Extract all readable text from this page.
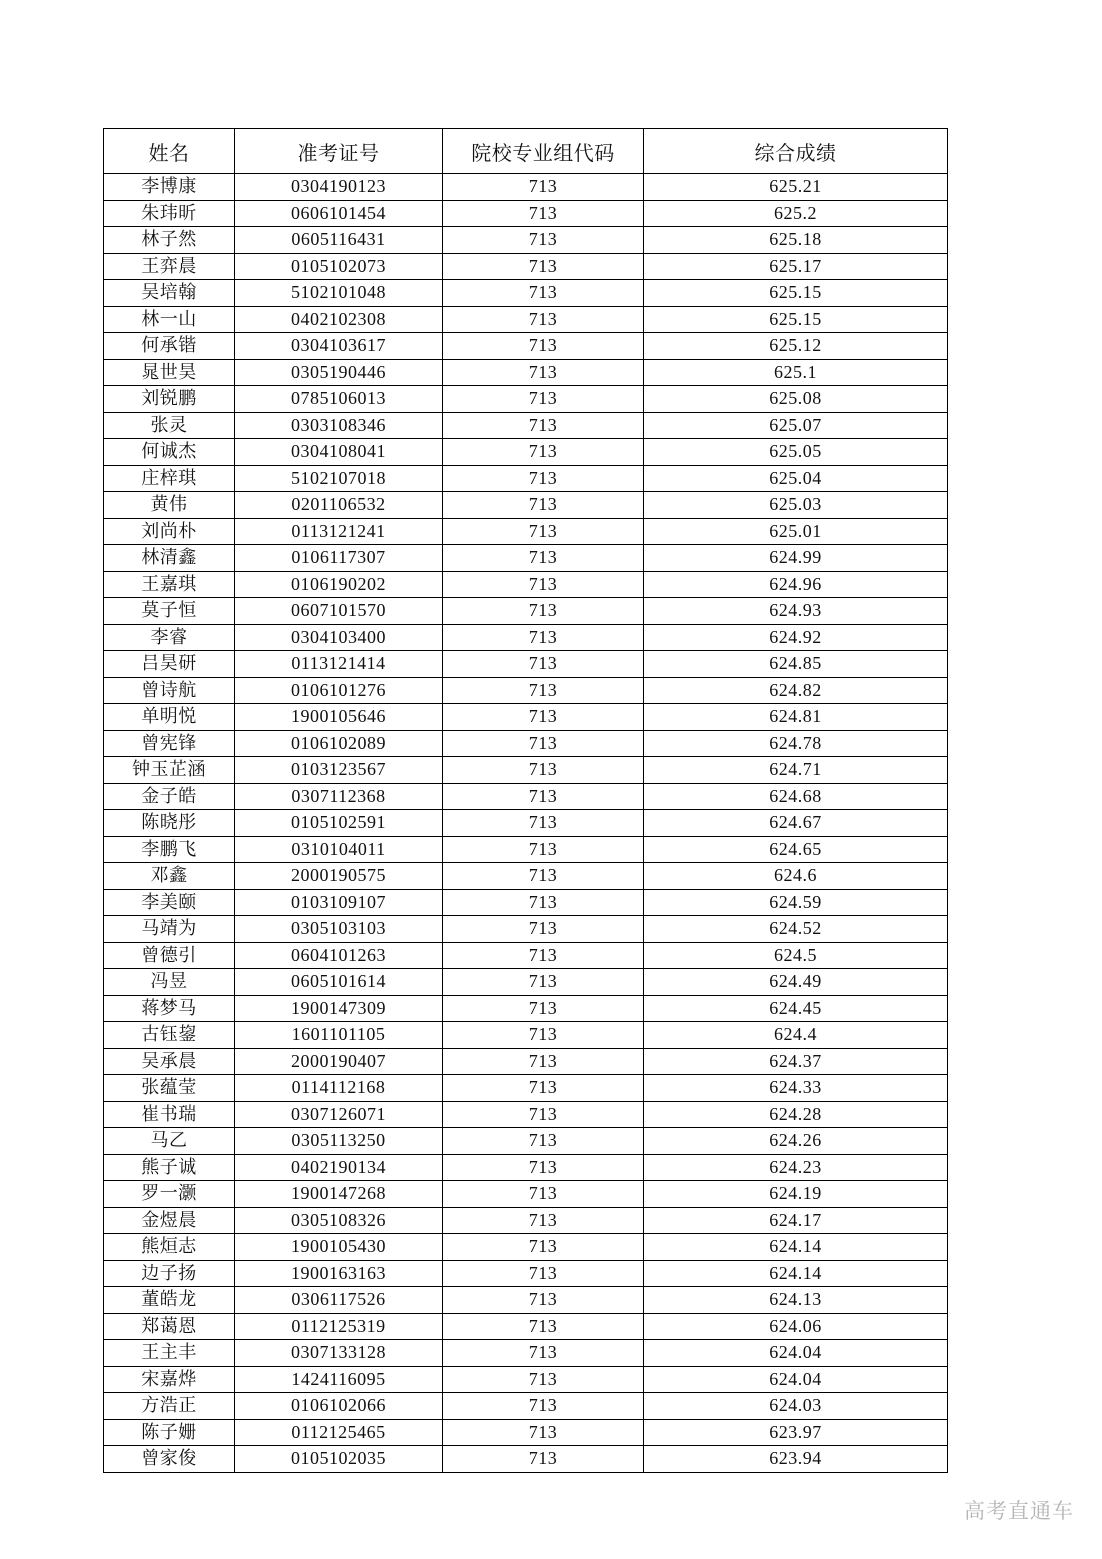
姓名	准考证号	院校专业组代码	综合成绩
李博康	0304190123	713	625.21
朱玮昕	0606101454	713	625.2
林子然	0605116431	713	625.18
王弈晨	0105102073	713	625.17
吴培翰	5102101048	713	625.15
林一山	0402102308	713	625.15
何承锴	0304103617	713	625.12
晁世昊	0305190446	713	625.1
刘锐鹏	0785106013	713	625.08
张灵	0303108346	713	625.07
何诚杰	0304108041	713	625.05
庄梓琪	5102107018	713	625.04
黄伟	0201106532	713	625.03
刘尚朴	0113121241	713	625.01
林清鑫	0106117307	713	624.99
王嘉琪	0106190202	713	624.96
莫子恒	0607101570	713	624.93
李睿	0304103400	713	624.92
吕昊研	0113121414	713	624.85
曾诗航	0106101276	713	624.82
单明悦	1900105646	713	624.81
曾宪锋	0106102089	713	624.78
钟玉芷涵	0103123567	713	624.71
金子皓	0307112368	713	624.68
陈晓彤	0105102591	713	624.67
李鹏飞	0310104011	713	624.65
邓鑫	2000190575	713	624.6
李美颐	0103109107	713	624.59
马靖为	0305103103	713	624.52
曾德引	0604101263	713	624.5
冯昱	0605101614	713	624.49
蒋梦马	1900147309	713	624.45
古钰鋆	1601101105	713	624.4
吴承晨	2000190407	713	624.37
张蕴莹	0114112168	713	624.33
崔书瑞	0307126071	713	624.28
马乙	0305113250	713	624.26
熊子诚	0402190134	713	624.23
罗一灏	1900147268	713	624.19
金煜晨	0305108326	713	624.17
熊烜志	1900105430	713	624.14
边子扬	1900163163	713	624.14
董皓龙	0306117526	713	624.13
郑蔼恩	0112125319	713	624.06
王主丰	0307133128	713	624.04
宋嘉烨	1424116095	713	624.04
方浩正	0106102066	713	624.03
陈子姗	0112125465	713	623.97
曾家俊	0105102035	713	623.94
高考直通车
